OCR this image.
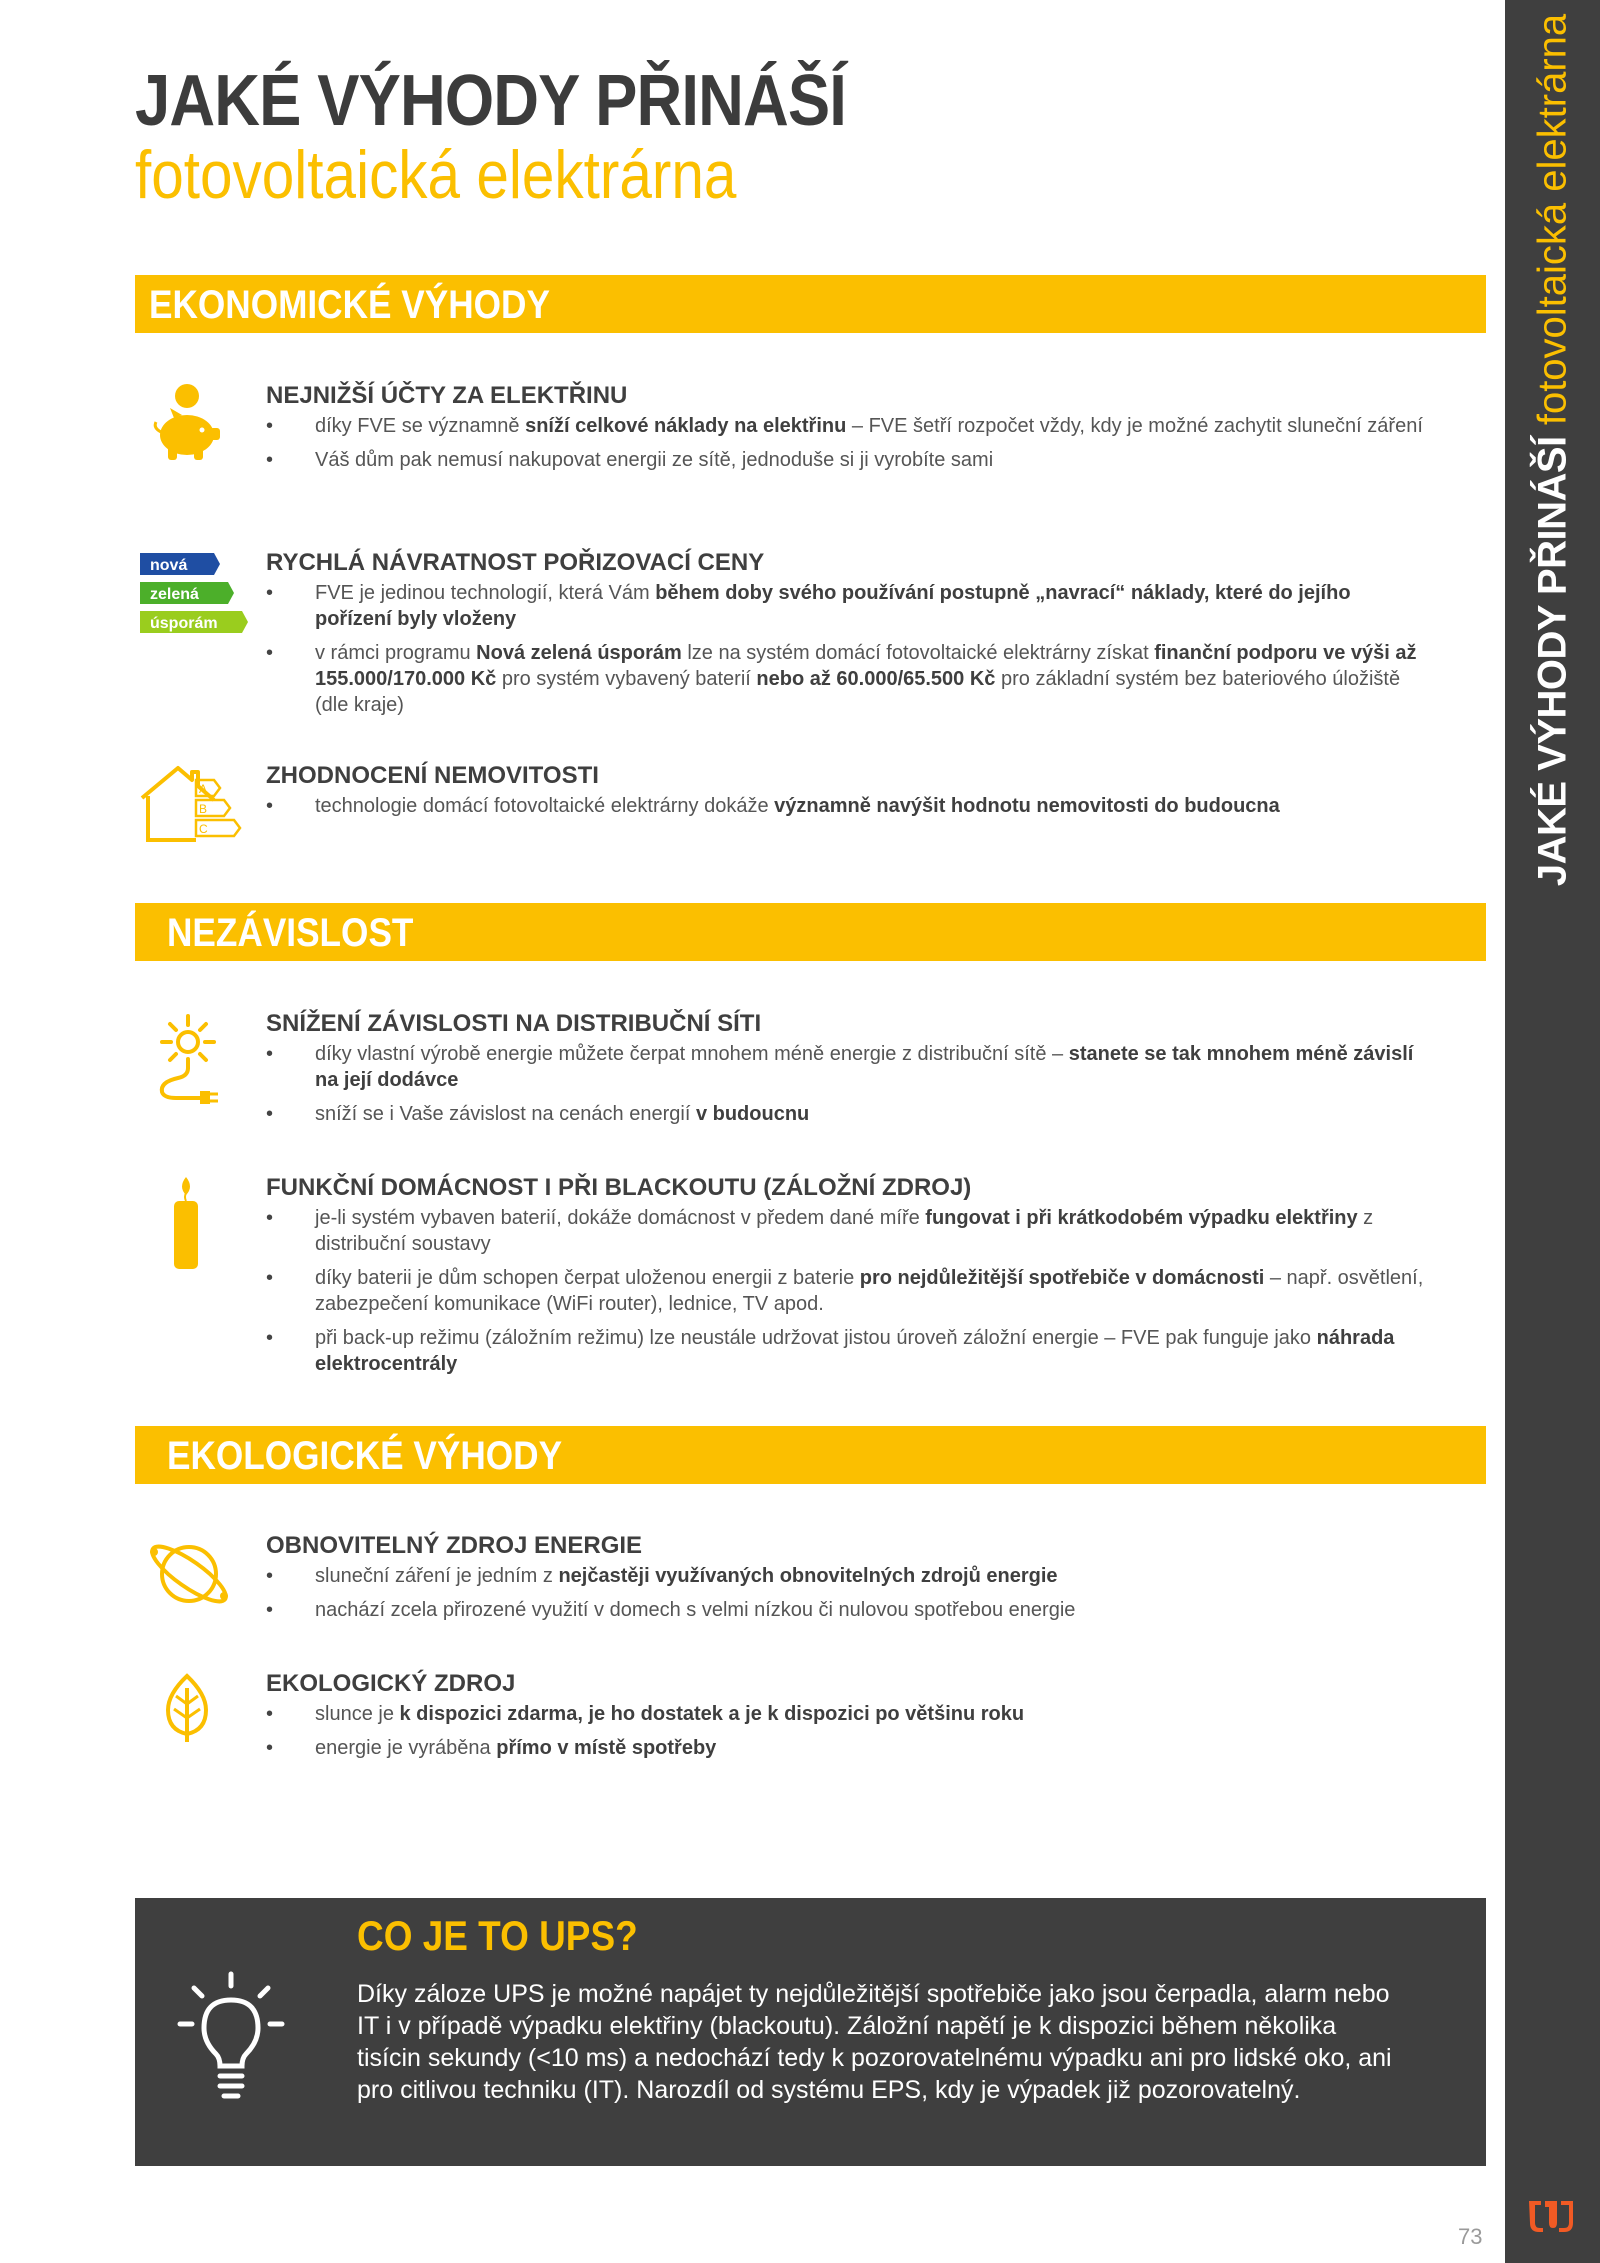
JAKÉ VÝHODY PŘINÁŠÍ fotovoltaická elektrárna
JAKÉ VÝHODY PŘINÁŠÍ
fotovoltaická elektrárna
EKONOMICKÉ VÝHODY
NEJNIŽŠÍ ÚČTY ZA ELEKTŘINU
• díky FVE se významně sníží celkové náklady na elektřinu – FVE šetří rozpočet vždy, kdy je možné zachytit sluneční záření
• Váš dům pak nemusí nakupovat energii ze sítě, jednoduše si ji vyrobíte sami
nová
zelená
úsporám
RYCHLÁ NÁVRATNOST POŘIZOVACÍ CENY
• FVE je jedinou technologií, která Vám během doby svého používání postupně „navrací“ náklady, které do jejího pořízení byly vloženy
• v rámci programu Nová zelená úsporám lze na systém domácí fotovoltaické elektrárny získat finanční podporu ve výši až 155.000/170.000 Kč pro systém vybavený baterií nebo až 60.000/65.500 Kč pro základní systém bez bateriového úložiště (dle kraje)
A
B
C
ZHODNOCENÍ NEMOVITOSTI
• technologie domácí fotovoltaické elektrárny dokáže významně navýšit hodnotu nemovitosti do budoucna
NEZÁVISLOST
SNÍŽENÍ ZÁVISLOSTI NA DISTRIBUČNÍ SÍTI
• díky vlastní výrobě energie můžete čerpat mnohem méně energie z distribuční sítě – stanete se tak mnohem méně závislí na její dodávce
• sníží se i Vaše závislost na cenách energií v budoucnu
FUNKČNÍ DOMÁCNOST I PŘI BLACKOUTU (ZÁLOŽNÍ ZDROJ)
• je-li systém vybaven baterií, dokáže domácnost v předem dané míře fungovat i při krátkodobém výpadku elektřiny z distribuční soustavy
• díky baterii je dům schopen čerpat uloženou energii z baterie pro nejdůležitější spotřebiče v domácnosti – např. osvětlení, zabezpečení komunikace (WiFi router), lednice, TV apod.
• při back-up režimu (záložním režimu) lze neustále udržovat jistou úroveň záložní energie – FVE pak funguje jako náhrada elektrocentrály
EKOLOGICKÉ VÝHODY
OBNOVITELNÝ ZDROJ ENERGIE
• sluneční záření je jedním z nejčastěji využívaných obnovitelných zdrojů energie
• nachází zcela přirozené využití v domech s velmi nízkou či nulovou spotřebou energie
EKOLOGICKÝ ZDROJ
• slunce je k dispozici zdarma, je ho dostatek a je k dispozici po většinu roku
• energie je vyráběna přímo v místě spotřeby
CO JE TO UPS?
Díky záloze UPS je možné napájet ty nejdůležitější spotřebiče jako jsou čerpadla, alarm nebo IT i v případě výpadku elektřiny (blackoutu). Záložní napětí je k dispozici během několika tisícin sekundy (<10 ms) a nedochází tedy k pozorovatelnému výpadku ani pro lidské oko, ani pro citlivou techniku (IT). Narozdíl od systému EPS, kdy je výpadek již pozorovatelný.
73
